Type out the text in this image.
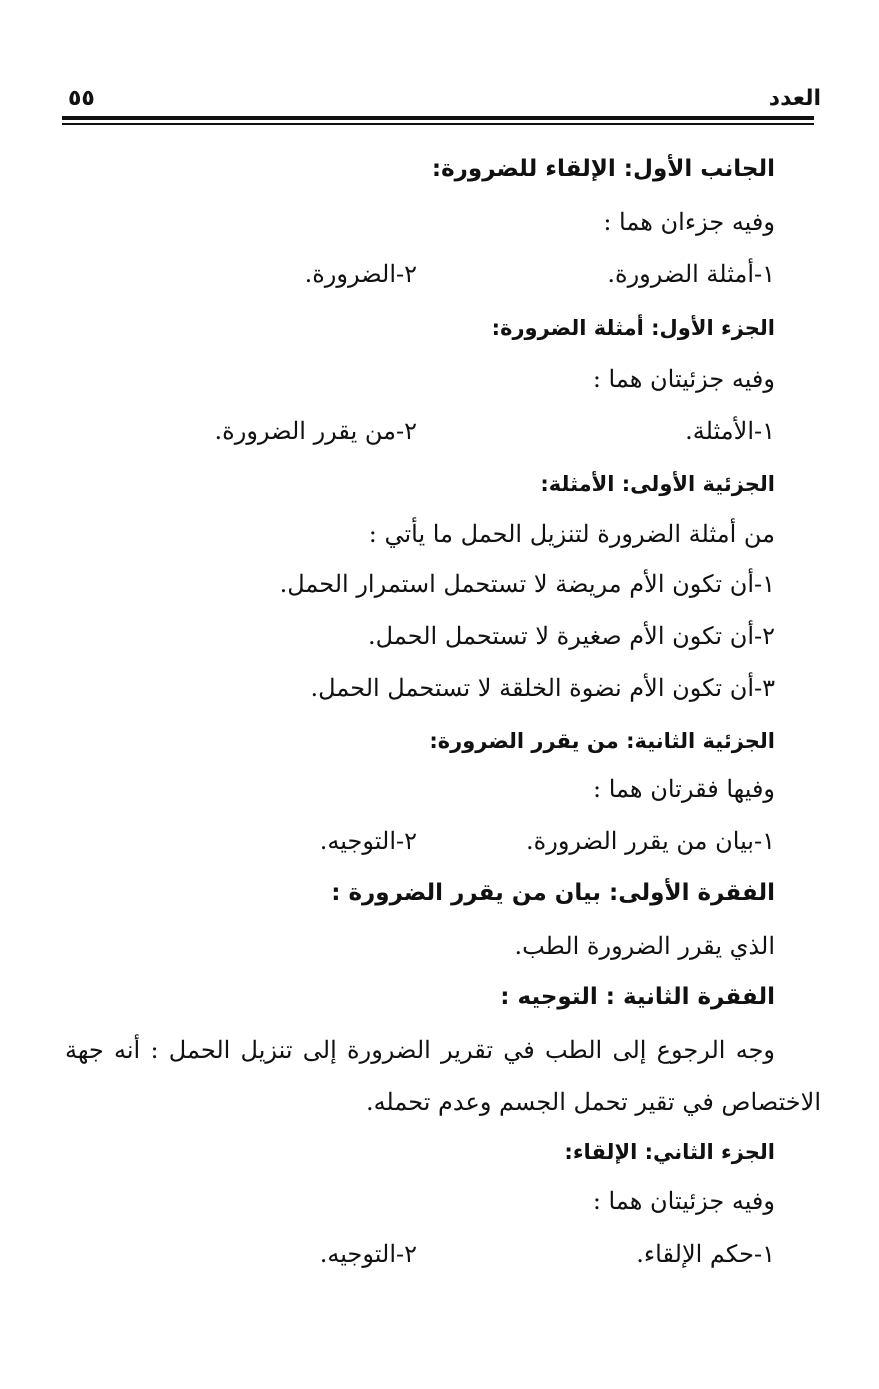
العدد
٥٥
الجانب الأول: الإلقاء للضرورة:
وفيه جزءان هما :
١-أمثلة الضرورة.
٢-الضرورة.
الجزء الأول: أمثلة الضرورة:
وفيه جزئيتان هما :
١-الأمثلة.
٢-من يقرر الضرورة.
الجزئية الأولى: الأمثلة:
من أمثلة الضرورة لتنزيل الحمل ما يأتي :
١-أن تكون الأم مريضة لا تستحمل استمرار الحمل.
٢-أن تكون الأم صغيرة لا تستحمل الحمل.
٣-أن تكون الأم نضوة الخلقة لا تستحمل الحمل.
الجزئية الثانية: من يقرر الضرورة:
وفيها فقرتان هما :
١-بيان من يقرر الضرورة.
٢-التوجيه.
الفقرة الأولى: بيان من يقرر الضرورة :
الذي يقرر الضرورة الطب.
الفقرة الثانية : التوجيه :
وجه الرجوع إلى الطب في تقرير الضرورة إلى تنزيل الحمل : أنه جهة
الاختصاص في تقير تحمل الجسم وعدم تحمله.
الجزء الثاني: الإلقاء:
وفيه جزئيتان هما :
١-حكم الإلقاء.
٢-التوجيه.
